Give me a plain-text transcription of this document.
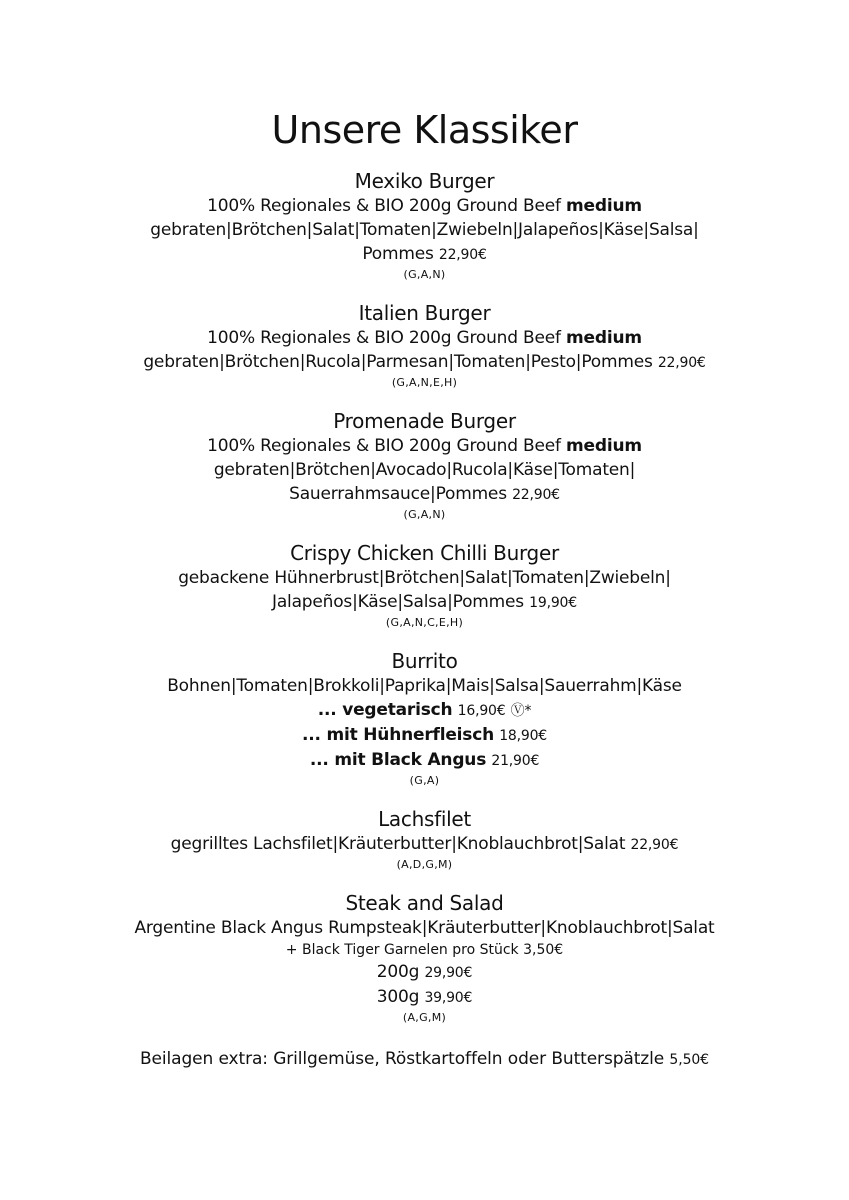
Unsere Klassiker

Mexiko Burger

100% Regionales & BIO 200g Ground Beef medium

gebraten|Brötchen|Salat|Tomaten|Zwiebeln|Jalapeños|Käse|Salsa|

Pommes 22,90€

(G,A,N)

Italien Burger

100% Regionales & BIO 200g Ground Beef medium

gebraten|Brötchen|Rucola|Parmesan|Tomaten|Pesto|Pommes 22,90€

(G,A,N,E,H)

Promenade Burger

100% Regionales & BIO 200g Ground Beef medium

gebraten|Brötchen|Avocado|Rucola|Käse|Tomaten|

Sauerrahmsauce|Pommes 22,90€

(G,A,N)

Crispy Chicken Chilli Burger

gebackene Hühnerbrust|Brötchen|Salat|Tomaten|Zwiebeln|

Jalapeños|Käse|Salsa|Pommes 19,90€

(G,A,N,C,E,H)

Burrito

Bohnen|Tomaten|Brokkoli|Paprika|Mais|Salsa|Sauerrahm|Käse

... vegetarisch 16,90€ Ⓥ*

... mit Hühnerfleisch 18,90€

... mit Black Angus 21,90€

(G,A)

Lachsfilet

gegrilltes Lachsfilet|Kräuterbutter|Knoblauchbrot|Salat 22,90€

(A,D,G,M)

Steak and Salad

Argentine Black Angus Rumpsteak|Kräuterbutter|Knoblauchbrot|Salat

+ Black Tiger Garnelen pro Stück 3,50€

200g 29,90€

300g 39,90€

(A,G,M)

Beilagen extra: Grillgemüse, Röstkartoffeln oder Butterspätzle 5,50€
